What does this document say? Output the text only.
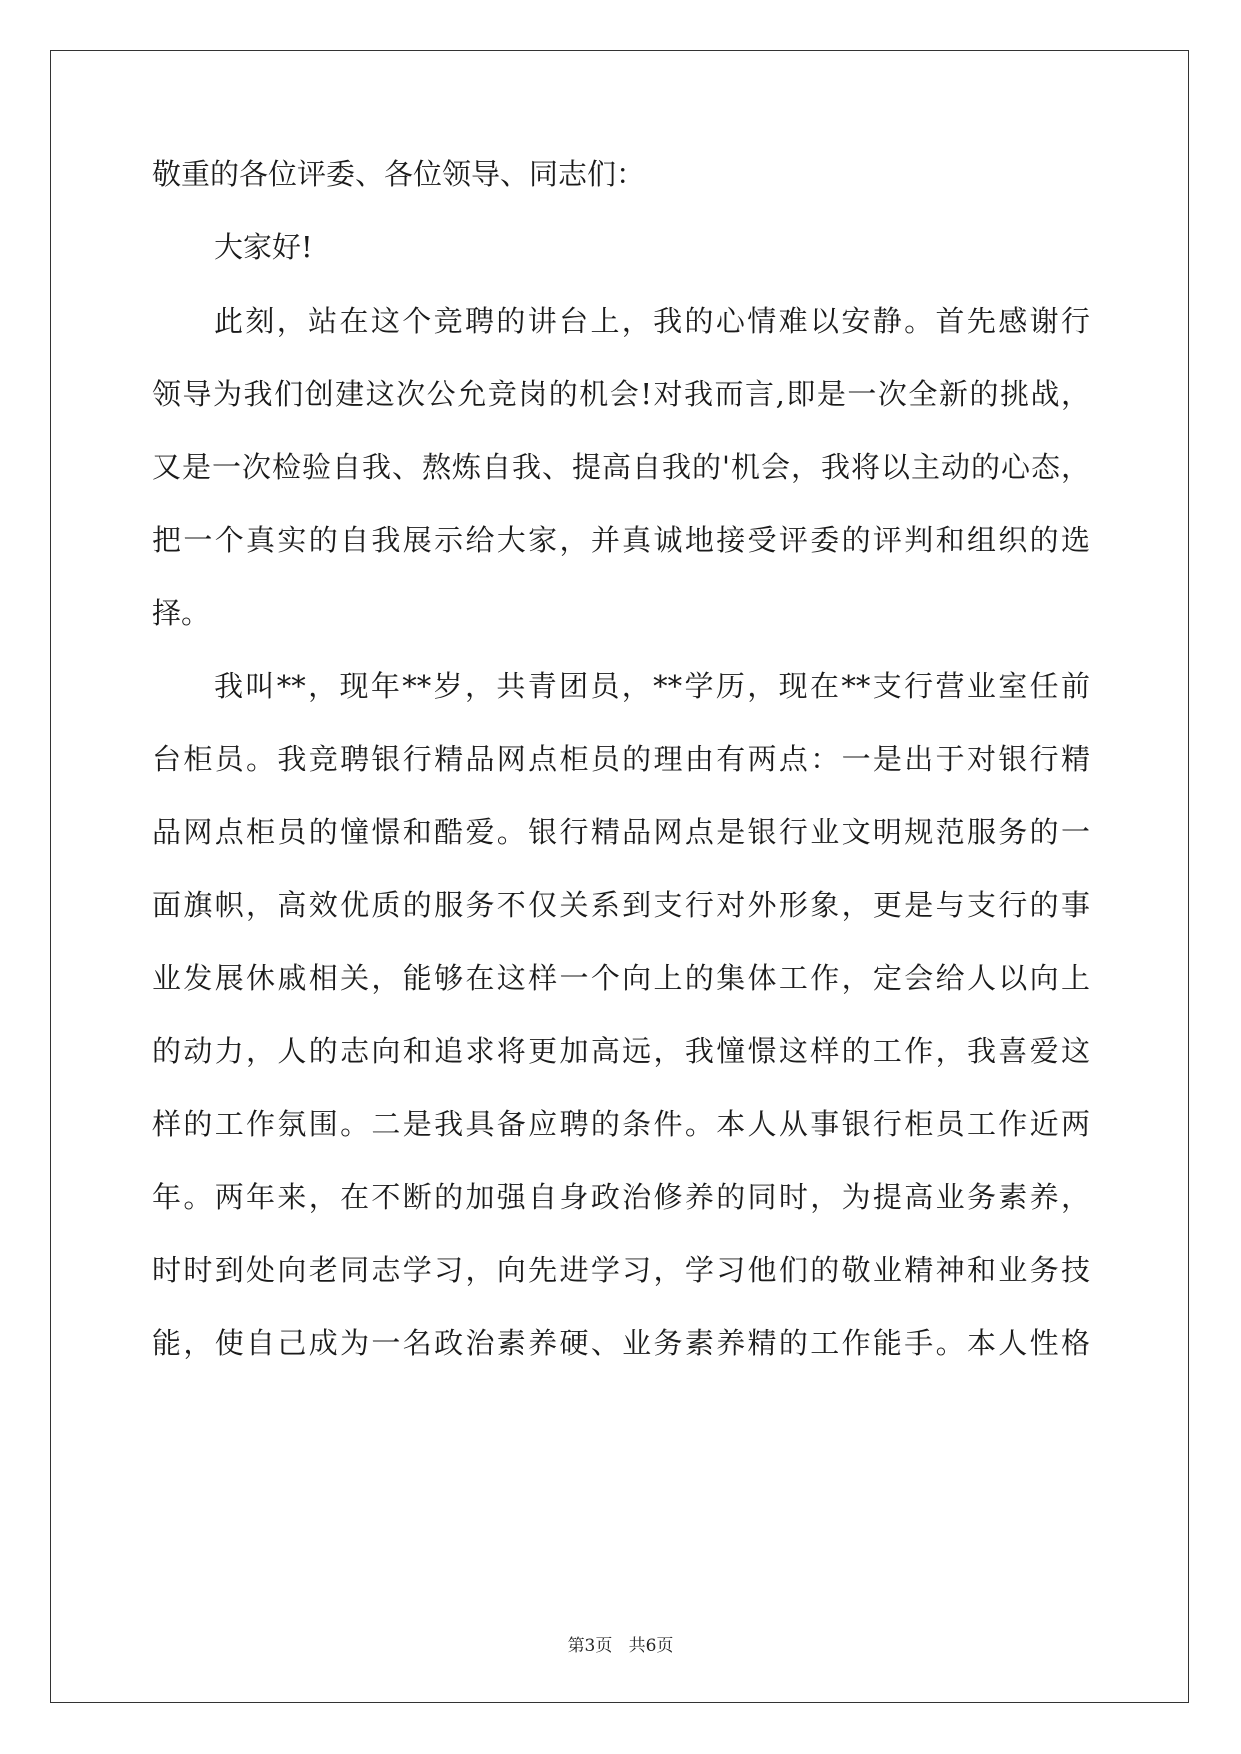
敬重的各位评委、各位领导、同志们：
大家好!
此刻，站在这个竞聘的讲台上，我的心情难以安静。首先感谢行
领导为我们创建这次公允竞岗的机会!对我而言,即是一次全新的挑战，
又是一次检验自我、熬炼自我、提高自我的'机会，我将以主动的心态，
把一个真实的自我展示给大家，并真诚地接受评委的评判和组织的选
择。
我叫**，现年**岁，共青团员，**学历，现在**支行营业室任前
台柜员。我竞聘银行精品网点柜员的理由有两点：一是出于对银行精
品网点柜员的憧憬和酷爱。银行精品网点是银行业文明规范服务的一
面旗帜，高效优质的服务不仅关系到支行对外形象，更是与支行的事
业发展休戚相关，能够在这样一个向上的集体工作，定会给人以向上
的动力，人的志向和追求将更加高远，我憧憬这样的工作，我喜爱这
样的工作氛围。二是我具备应聘的条件。本人从事银行柜员工作近两
年。两年来，在不断的加强自身政治修养的同时，为提高业务素养，
时时到处向老同志学习，向先进学习，学习他们的敬业精神和业务技
能，使自己成为一名政治素养硬、业务素养精的工作能手。本人性格
第3页 共6页
